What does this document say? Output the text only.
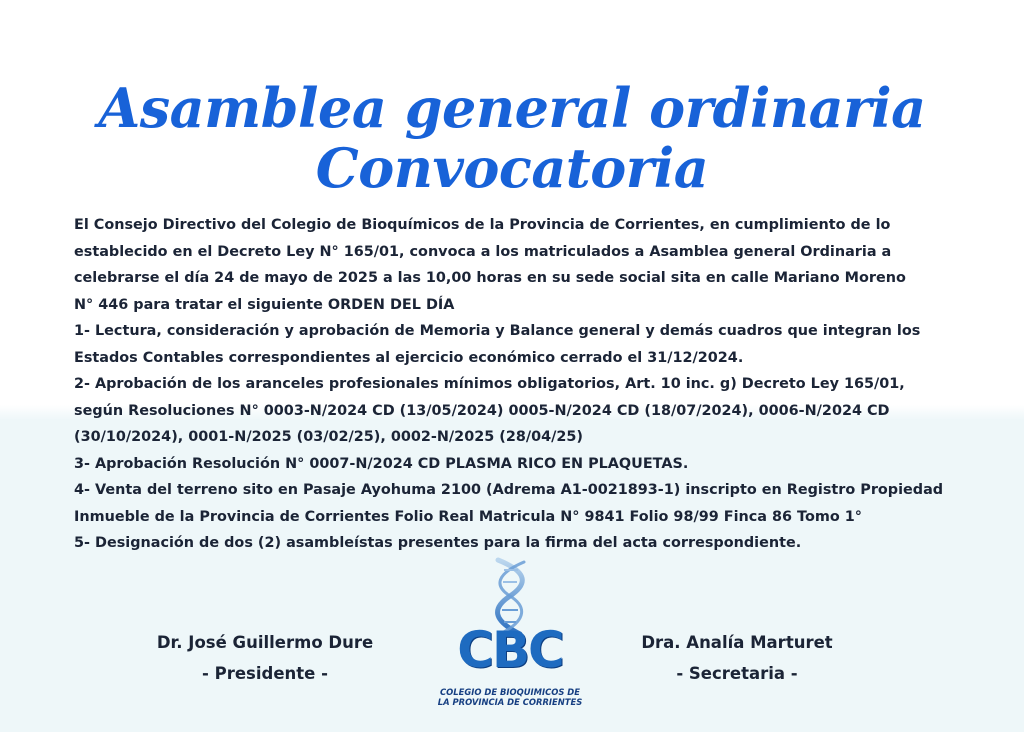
Asamblea general ordinaria
Convocatoria

El Consejo Directivo del Colegio de Bioquímicos de la Provincia de Corrientes, en cumplimiento de lo

establecido en el Decreto Ley N° 165/01, convoca a los matriculados a Asamblea general Ordinaria a

celebrarse el día 24 de mayo de 2025 a las 10,00 horas en su sede social sita en calle Mariano Moreno

N° 446 para tratar el siguiente ORDEN DEL DÍA

1- Lectura, consideración y aprobación de Memoria y Balance general y demás cuadros que integran los

Estados Contables correspondientes al ejercicio económico cerrado el 31/12/2024.

2- Aprobación de los aranceles profesionales mínimos obligatorios, Art. 10 inc. g) Decreto Ley 165/01,

según Resoluciones N° 0003-N/2024 CD (13/05/2024) 0005-N/2024 CD (18/07/2024), 0006-N/2024 CD

(30/10/2024), 0001-N/2025 (03/02/25), 0002-N/2025 (28/04/25)

3- Aprobación Resolución N° 0007-N/2024 CD PLASMA RICO EN PLAQUETAS.

4- Venta del terreno sito en Pasaje Ayohuma 2100 (Adrema A1-0021893-1) inscripto en Registro Propiedad

Inmueble de la Provincia de Corrientes Folio Real Matricula N° 9841 Folio 98/99 Finca 86 Tomo 1°

5- Designación de dos (2) asambleístas presentes para la firma del acta correspondiente.

Dr. José Guillermo Dure
- Presidente -
Dra. Analía Marturet
- Secretaria -
CBC
COLEGIO DE BIOQUIMICOS DE
LA PROVINCIA DE CORRIENTES
